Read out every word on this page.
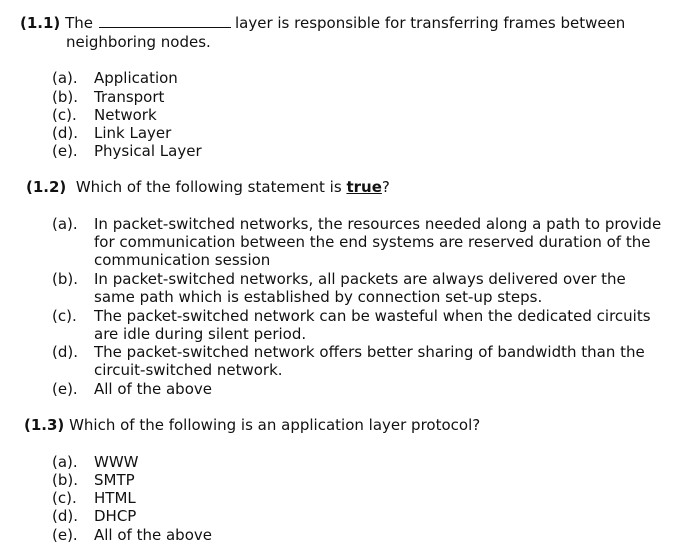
(1.1) The	layer is responsible for transferring frames between
neighboring nodes.
(a). Application
(b). Transport
(c). Network
(d). Link Layer
(e). Physical Layer
(1.2) Which of the following statement is true?
(a). In packet-switched networks, the resources needed along a path to provide for communication between the end systems are reserved duration of the communication session
(b). In packet-switched networks, all packets are always delivered over the same path which is established by connection set-up steps.
(c). The packet-switched network can be wasteful when the dedicated circuits are idle during silent period.
(d). The packet-switched network offers better sharing of bandwidth than the circuit-switched network.
(e). All of the above
(1.3) Which of the following is an application layer protocol?
(a). WWW
(b). SMTP
(c). HTML
(d). DHCP
(e). All of the above
